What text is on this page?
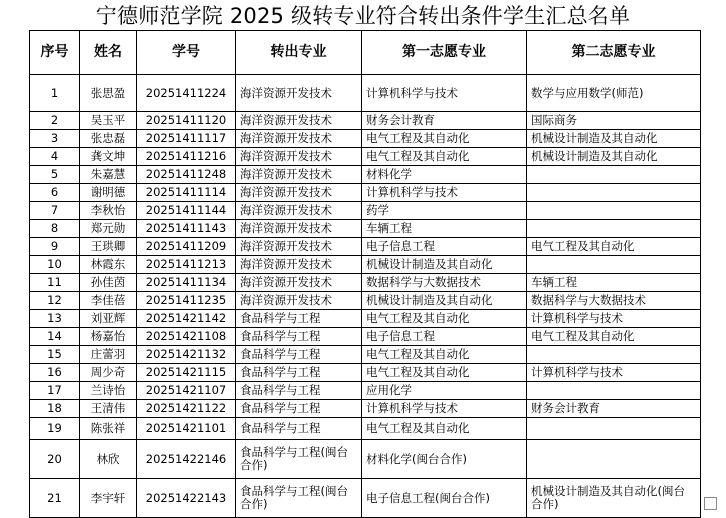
宁德师范学院 2025 级转专业符合转出条件学生汇总名单
序号	姓名	学号	转出专业	第一志愿专业	第二志愿专业
1	张思盈	20251411224	海洋资源开发技术	计算机科学与技术	数学与应用数学(师范)
2	吴玉平	20251411120	海洋资源开发技术	财务会计教育	国际商务
3	张忠磊	20251411117	海洋资源开发技术	电气工程及其自动化	机械设计制造及其自动化
4	龚文坤	20251411216	海洋资源开发技术	电气工程及其自动化	机械设计制造及其自动化
5	朱嘉慧	20251411248	海洋资源开发技术	材料化学	
6	谢明德	20251411114	海洋资源开发技术	计算机科学与技术	
7	李秋怡	20251411144	海洋资源开发技术	药学	
8	郑元勋	20251411143	海洋资源开发技术	车辆工程	
9	王珙卿	20251411209	海洋资源开发技术	电子信息工程	电气工程及其自动化
10	林霞东	20251411213	海洋资源开发技术	机械设计制造及其自动化	
11	孙佳茵	20251411134	海洋资源开发技术	数据科学与大数据技术	车辆工程
12	李佳蓓	20251411235	海洋资源开发技术	机械设计制造及其自动化	数据科学与大数据技术
13	刘亚辉	20251421142	食品科学与工程	电气工程及其自动化	计算机科学与技术
14	杨嘉怡	20251421108	食品科学与工程	电子信息工程	电气工程及其自动化
15	庄蕾羽	20251421132	食品科学与工程	电气工程及其自动化	
16	周少奇	20251421115	食品科学与工程	电气工程及其自动化	计算机科学与技术
17	兰诗怡	20251421107	食品科学与工程	应用化学	
18	王清伟	20251421122	食品科学与工程	计算机科学与技术	财务会计教育
19	陈张祥	20251421101	食品科学与工程	电气工程及其自动化	
20	林欣	20251422146	食品科学与工程(闽台合作)	材料化学(闽台合作)	
21	李宇轩	20251422143	食品科学与工程(闽台合作)	电子信息工程(闽台合作)	机械设计制造及其自动化(闽台合作)
